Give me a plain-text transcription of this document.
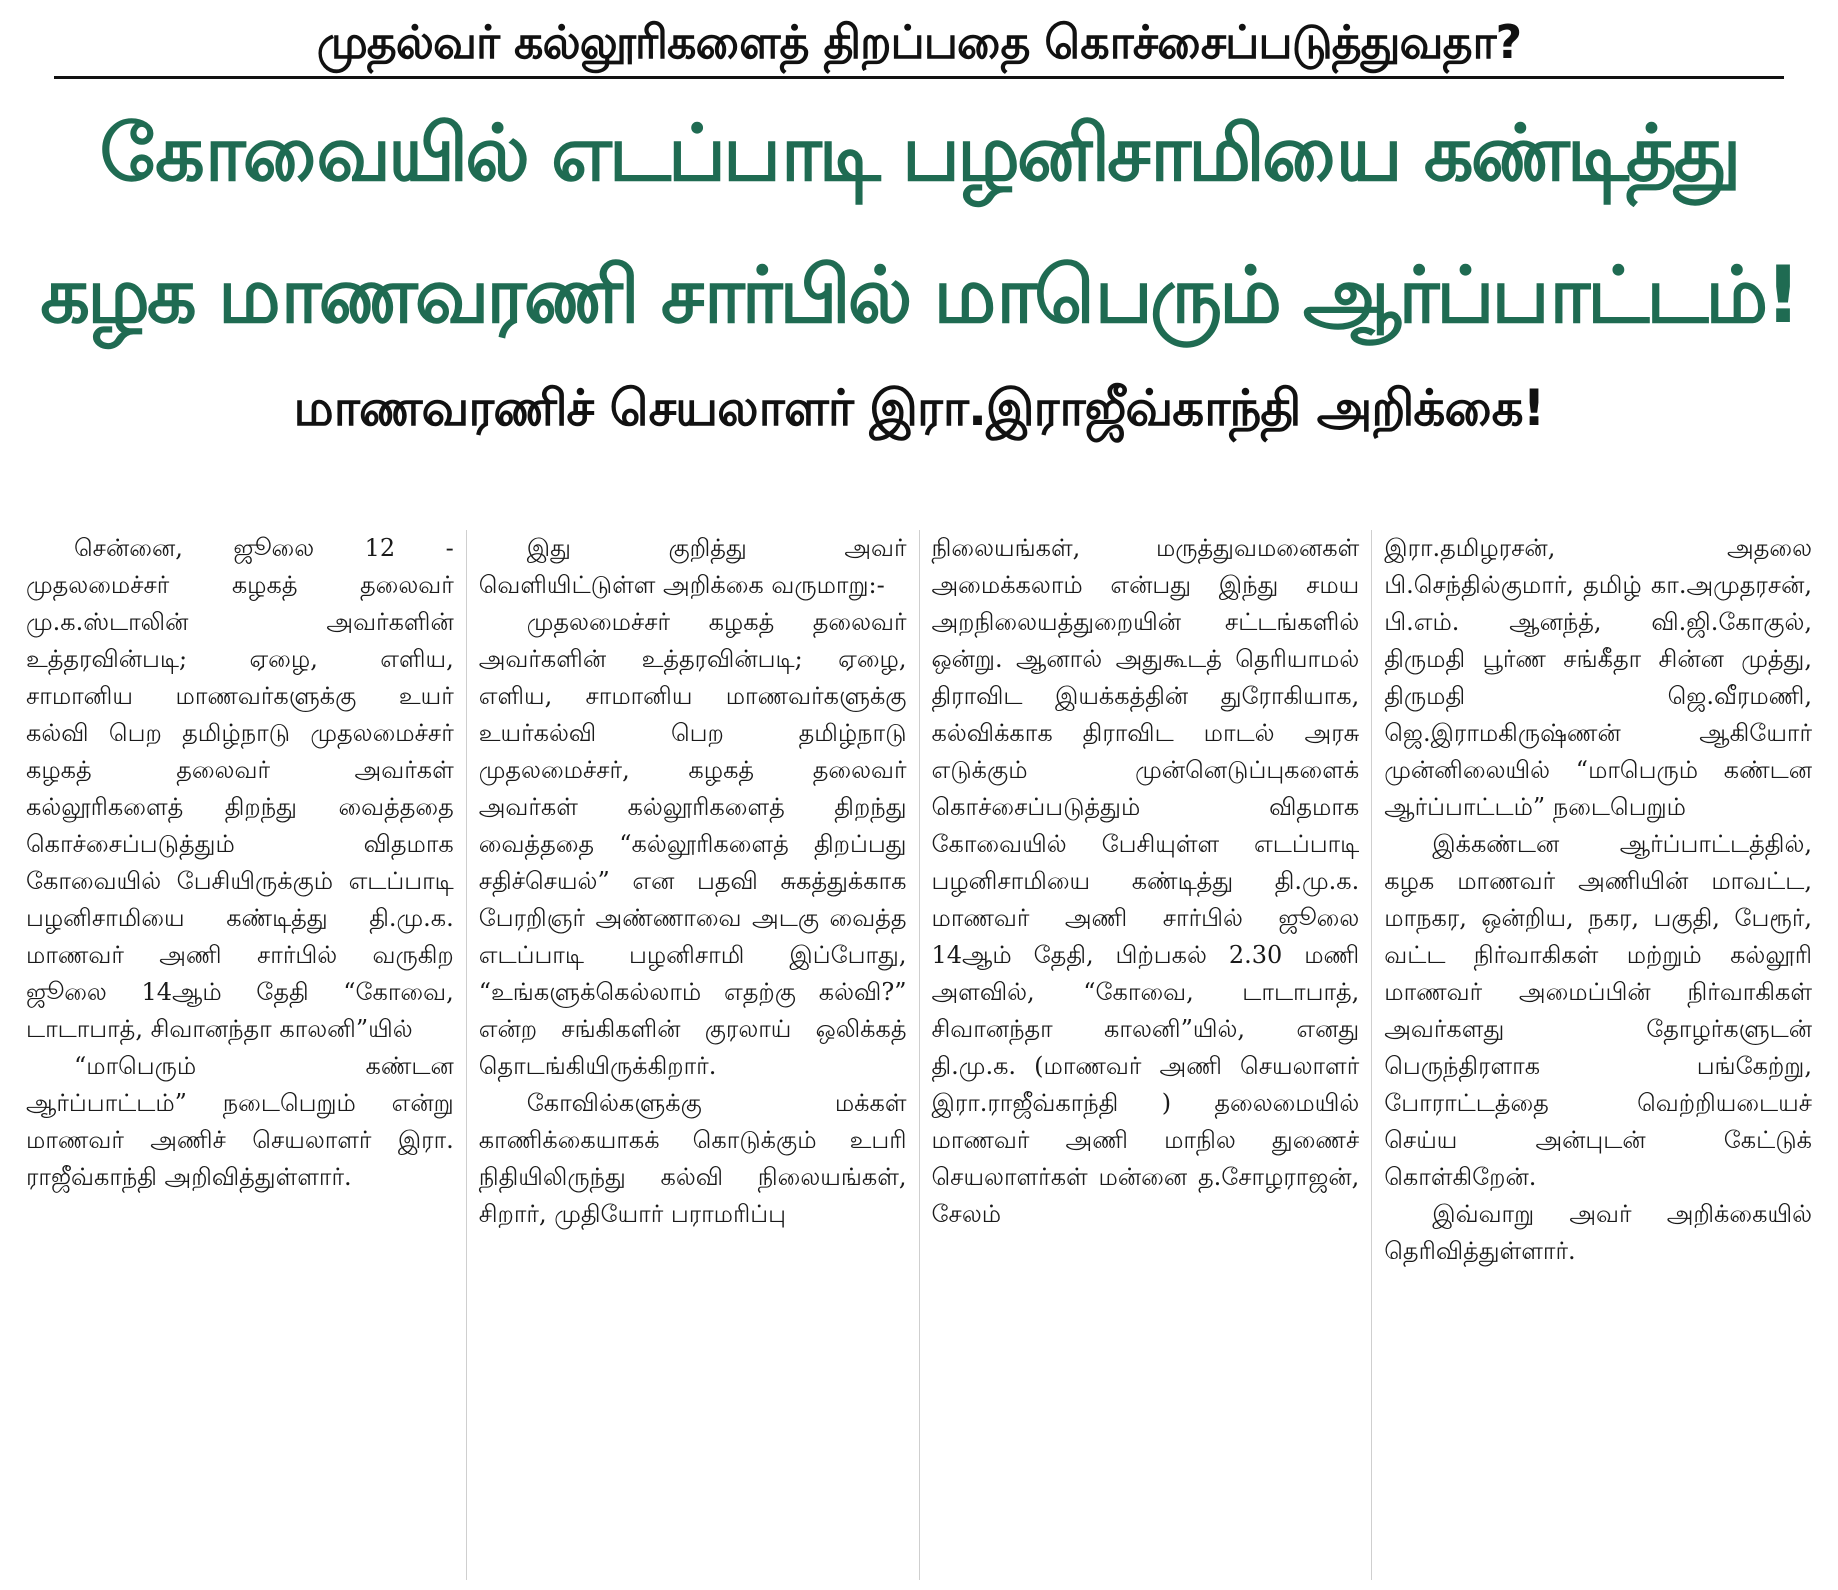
முதல்வர் கல்லூரிகளைத் திறப்பதை கொச்சைப்படுத்துவதா?
கோவையில் எடப்பாடி பழனிசாமியை கண்டித்து
கழக மாணவரணி சார்பில் மாபெரும் ஆர்ப்பாட்டம்!
மாணவரணிச் செயலாளர் இரா.இராஜீவ்காந்தி அறிக்கை!

சென்னை, ஜூலை 12 - முதலமைச்சர் கழகத் தலைவர் மு.க.ஸ்டாலின் அவர்களின் உத்தரவின்படி; ஏழை, எளிய, சாமானிய மாணவர்களுக்கு உயர் கல்வி பெற தமிழ்நாடு முதலமைச்சர் கழகத் தலைவர் அவர்கள் கல்லூரிகளைத் திறந்து வைத்ததை கொச்சைப்படுத்தும் விதமாக கோவையில் பேசியிருக்கும் எடப்பாடி பழனிசாமியை கண்டித்து தி.மு.க. மாணவர் அணி சார்பில் வருகிற ஜூலை 14ஆம் தேதி “கோவை, டாடாபாத், சிவானந்தா காலனி”யில்

“மாபெரும் கண்டன ஆர்ப்பாட்டம்” நடைபெறும் என்று மாணவர் அணிச் செயலாளர் இரா. ராஜீவ்காந்தி அறிவித்துள்ளார்.

இது குறித்து அவர் வெளியிட்டுள்ள அறிக்கை வருமாறு:-

முதலமைச்சர் கழகத் தலைவர் அவர்களின் உத்தரவின்படி; ஏழை, எளிய, சாமானிய மாணவர்களுக்கு உயர்கல்வி பெற தமிழ்நாடு முதலமைச்சர், கழகத் தலைவர் அவர்கள் கல்லூரிகளைத் திறந்து வைத்ததை “கல்லூரிகளைத் திறப்பது சதிச்செயல்” என பதவி சுகத்துக்காக பேரறிஞர் அண்ணாவை அடகு வைத்த எடப்பாடி பழனிசாமி இப்போது, “உங்களுக்கெல்லாம் எதற்கு கல்வி?” என்ற சங்கிகளின் குரலாய் ஒலிக்கத் தொடங்கியிருக்கிறார்.

கோவில்களுக்கு மக்கள் காணிக்கையாகக் கொடுக்கும் உபரி நிதியிலிருந்து கல்வி நிலையங்கள், சிறார், முதியோர் பராமரிப்பு

நிலையங்கள், மருத்துவமனைகள் அமைக்கலாம் என்பது இந்து சமய அறநிலையத்துறையின் சட்டங்களில் ஒன்று. ஆனால் அதுகூடத் தெரியாமல் திராவிட இயக்கத்தின் துரோகியாக, கல்விக்காக திராவிட மாடல் அரசு எடுக்கும் முன்னெடுப்புகளைக் கொச்சைப்படுத்தும் விதமாக கோவையில் பேசியுள்ள எடப்பாடி பழனிசாமியை கண்டித்து தி.மு.க. மாணவர் அணி சார்பில் ஜூலை 14ஆம் தேதி, பிற்பகல் 2.30 மணி அளவில், “கோவை, டாடாபாத், சிவானந்தா காலனி”யில், எனது தி.மு.க. (மாணவர் அணி செயலாளர் இரா.ராஜீவ்காந்தி ) தலைமையில் மாணவர் அணி மாநில துணைச் செயலாளர்கள் மன்னை த.சோழராஜன், சேலம்

இரா.தமிழரசன், அதலை பி.செந்தில்குமார், தமிழ் கா.அமுதரசன், பி.எம். ஆனந்த், வி.ஜி.கோகுல், திருமதி பூர்ண சங்கீதா சின்ன முத்து, திருமதி ஜெ.வீரமணி, ஜெ.இராமகிருஷ்ணன் ஆகியோர் முன்னிலையில் “மாபெரும் கண்டன ஆர்ப்பாட்டம்” நடைபெறும்

இக்கண்டன ஆர்ப்பாட்டத்தில், கழக மாணவர் அணியின் மாவட்ட, மாநகர, ஒன்றிய, நகர, பகுதி, பேரூர், வட்ட நிர்வாகிகள் மற்றும் கல்லூரி மாணவர் அமைப்பின் நிர்வாகிகள் அவர்களது தோழர்களுடன் பெருந்திரளாக பங்கேற்று, போராட்டத்தை வெற்றியடையச் செய்ய அன்புடன் கேட்டுக் கொள்கிறேன்.

இவ்வாறு அவர் அறிக்கையில் தெரிவித்துள்ளார்.
